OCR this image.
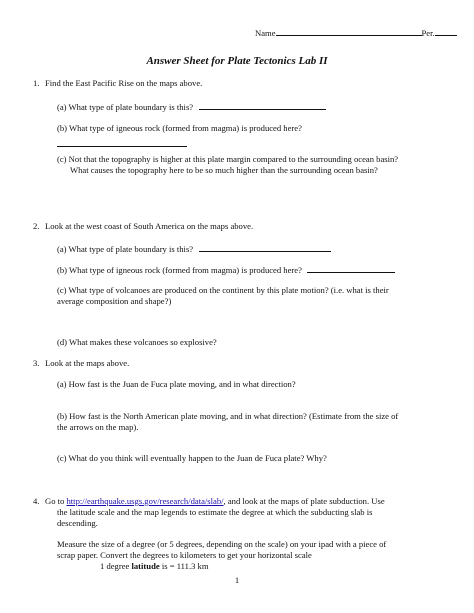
Name	Per.
Answer Sheet for Plate Tectonics Lab II
1. Find the East Pacific Rise on the maps above.
(a) What type of plate boundary is this?
(b) What type of igneous rock (formed from magma) is produced here?
(c) Not that the topography is higher at this plate margin compared to the surrounding ocean basin?
What causes the topography here to be so much higher than the surrounding ocean basin?
2. Look at the west coast of South America on the maps above.
(a) What type of plate boundary is this?
(b) What type of igneous rock (formed from magma) is produced here?
(c) What type of volcanoes are produced on the continent by this plate motion? (i.e. what is their
average composition and shape?)
(d) What makes these volcanoes so explosive?
3. Look at the maps above.
(a) How fast is the Juan de Fuca plate moving, and in what direction?
(b) How fast is the North American plate moving, and in what direction? (Estimate from the size of
the arrows on the map).
(c) What do you think will eventually happen to the Juan de Fuca plate? Why?
4. Go to http://earthquake.usgs.gov/research/data/slab/, and look at the maps of plate subduction. Use
the latitude scale and the map legends to estimate the degree at which the subducting slab is
descending.
Measure the size of a degree (or 5 degrees, depending on the scale) on your ipad with a piece of
scrap paper. Convert the degrees to kilometers to get your horizontal scale
1 degree latitude is = 111.3 km
1
